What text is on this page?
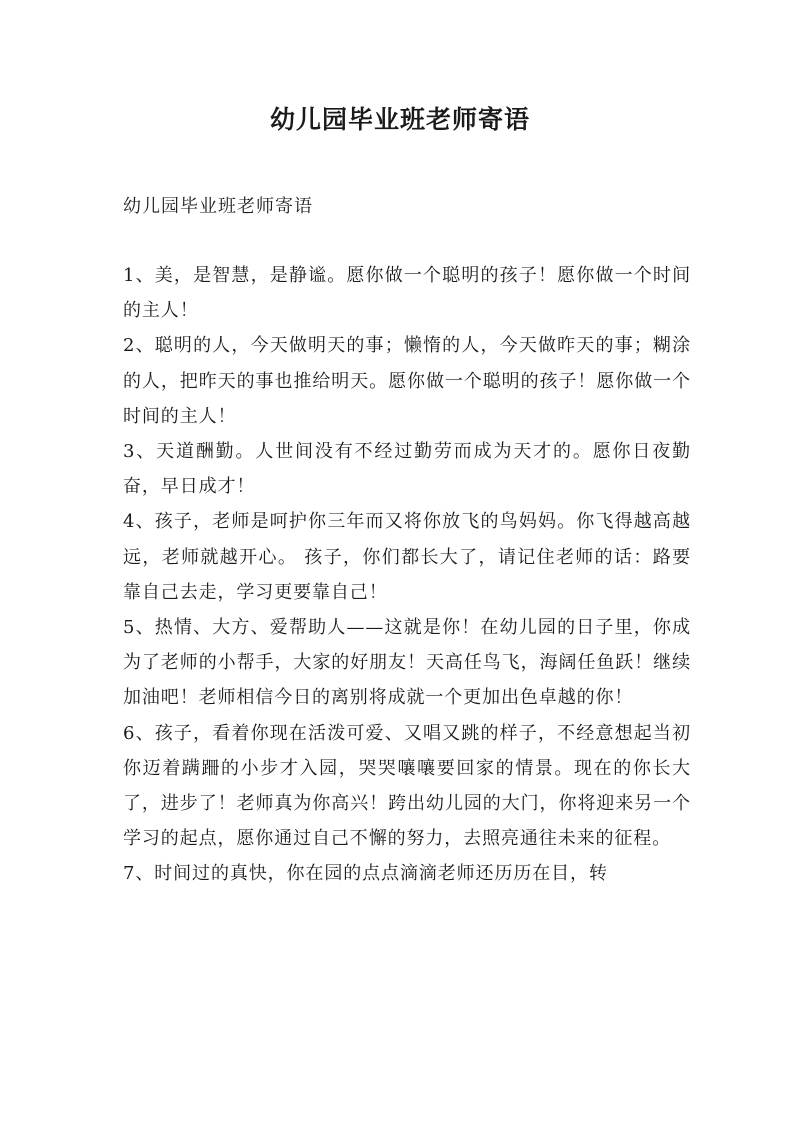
幼儿园毕业班老师寄语

幼儿园毕业班老师寄语

1、美，是智慧，是静谧。愿你做一个聪明的孩子！愿你做一个时间的主人！

2、聪明的人，今天做明天的事；懒惰的人，今天做昨天的事；糊涂的人，把昨天的事也推给明天。愿你做一个聪明的孩子！愿你做一个时间的主人！

3、天道酬勤。人世间没有不经过勤劳而成为天才的。愿你日夜勤奋，早日成才！

4、孩子，老师是呵护你三年而又将你放飞的鸟妈妈。你飞得越高越远，老师就越开心。 孩子，你们都长大了，请记住老师的话：路要靠自己去走，学习更要靠自己！

5、热情、大方、爱帮助人——这就是你！在幼儿园的日子里，你成为了老师的小帮手，大家的好朋友！天高任鸟飞，海阔任鱼跃！继续加油吧！老师相信今日的离别将成就一个更加出色卓越的你！

6、孩子，看着你现在活泼可爱、又唱又跳的样子，不经意想起当初你迈着蹒跚的小步才入园，哭哭嚷嚷要回家的情景。现在的你长大了，进步了！老师真为你高兴！跨出幼儿园的大门，你将迎来另一个学习的起点，愿你通过自己不懈的努力，去照亮通往未来的征程。

7、时间过的真快，你在园的点点滴滴老师还历历在目，转
